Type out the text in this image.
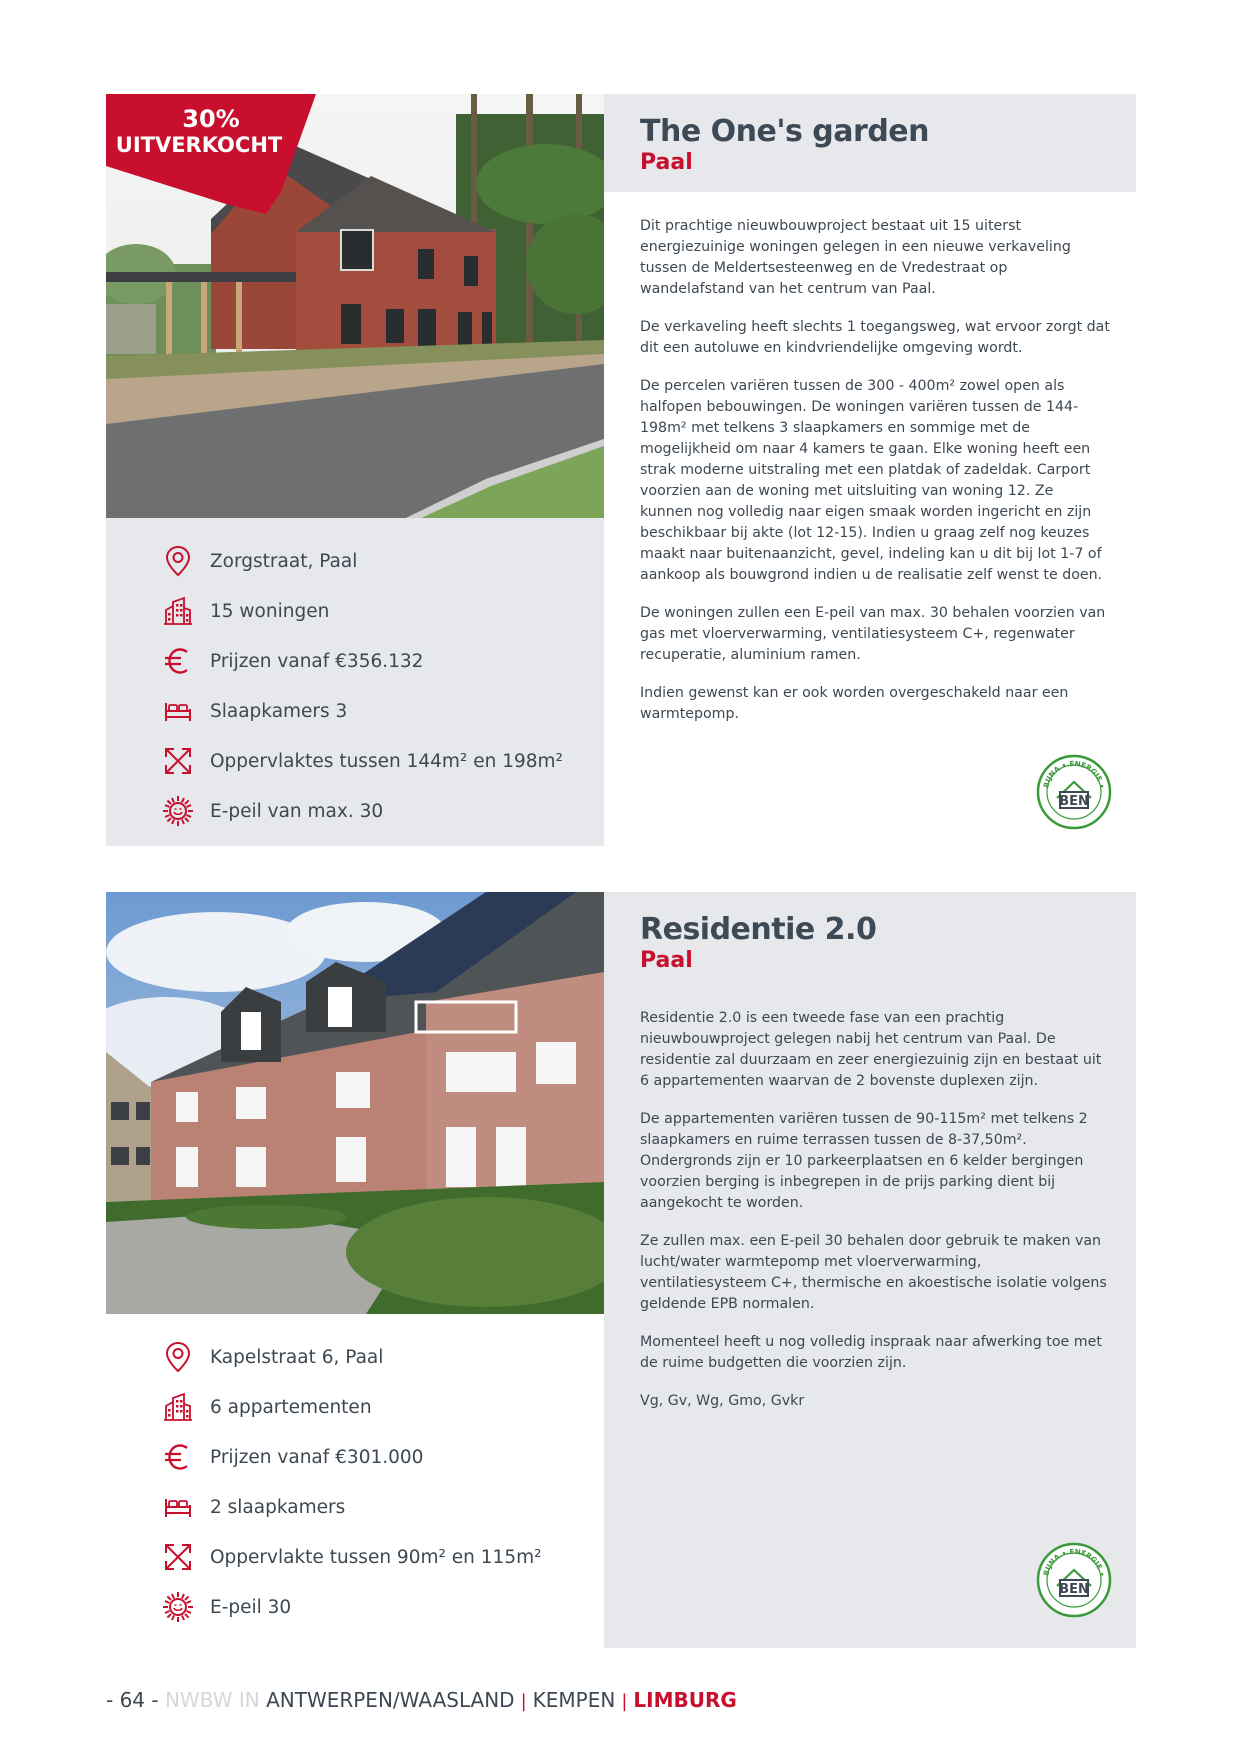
30%
UITVERKOCHT
Zorgstraat, Paal
15 woningen
Prijzen vanaf €356.132
Slaapkamers 3
Oppervlaktes tussen 144m² en 198m²
E-peil van max. 30
The One's garden
Paal

Dit prachtige nieuwbouwproject bestaat uit 15 uiterst energiezuinige woningen gelegen in een nieuwe verkaveling tussen de Meldertsesteenweg en de Vredestraat op wandelafstand van het centrum van Paal.

De verkaveling heeft slechts 1 toegangsweg, wat ervoor zorgt dat dit een autoluwe en kindvriendelijke omgeving wordt.

De percelen variëren tussen de 300 - 400m² zowel open als halfopen bebouwingen. De woningen variëren tussen de 144-198m² met telkens 3 slaapkamers en sommige met de mogelijkheid om naar 4 kamers te gaan. Elke woning heeft een strak moderne uitstraling met een platdak of zadeldak. Carport voorzien aan de woning met uitsluiting van woning 12. Ze kunnen nog volledig naar eigen smaak worden ingericht en zijn beschikbaar bij akte (lot 12-15). Indien u graag zelf nog keuzes maakt naar buitenaanzicht, gevel, indeling kan u dit bij lot 1-7 of aankoop als bouwgrond indien u de realisatie zelf wenst te doen.

De woningen zullen een E-peil van max. 30 behalen voorzien van gas met vloerverwarming, ventilatiesysteem C+, regenwater recuperatie, aluminium ramen.

Indien gewenst kan er ook worden overgeschakeld naar een warmtepomp.

Kapelstraat 6, Paal
6 appartementen
Prijzen vanaf €301.000
2 slaapkamers
Oppervlakte tussen 90m² en 115m²
E-peil 30
Residentie 2.0
Paal

Residentie 2.0 is een tweede fase van een prachtig nieuwbouwproject gelegen nabij het centrum van Paal. De residentie zal duurzaam en zeer energiezuinig zijn en bestaat uit 6 appartementen waarvan de 2 bovenste duplexen zijn.

De appartementen variëren tussen de 90-115m² met telkens 2 slaapkamers en ruime terrassen tussen de 8-37,50m². Ondergronds zijn er 10 parkeerplaatsen en 6 kelder bergingen voorzien berging is inbegrepen in de prijs parking dient bij aangekocht te worden.

Ze zullen max. een E-peil 30 behalen door gebruik te maken van lucht/water warmtepomp met vloerverwarming, ventilatiesysteem C+, thermische en akoestische isolatie volgens geldende EPB normalen.

Momenteel heeft u nog volledig inspraak naar afwerking toe met de ruime budgetten die voorzien zijn.

Vg, Gv, Wg, Gmo, Gvkr

- 64 - NWBW IN ANTWERPEN/WAASLAND | KEMPEN | LIMBURG
